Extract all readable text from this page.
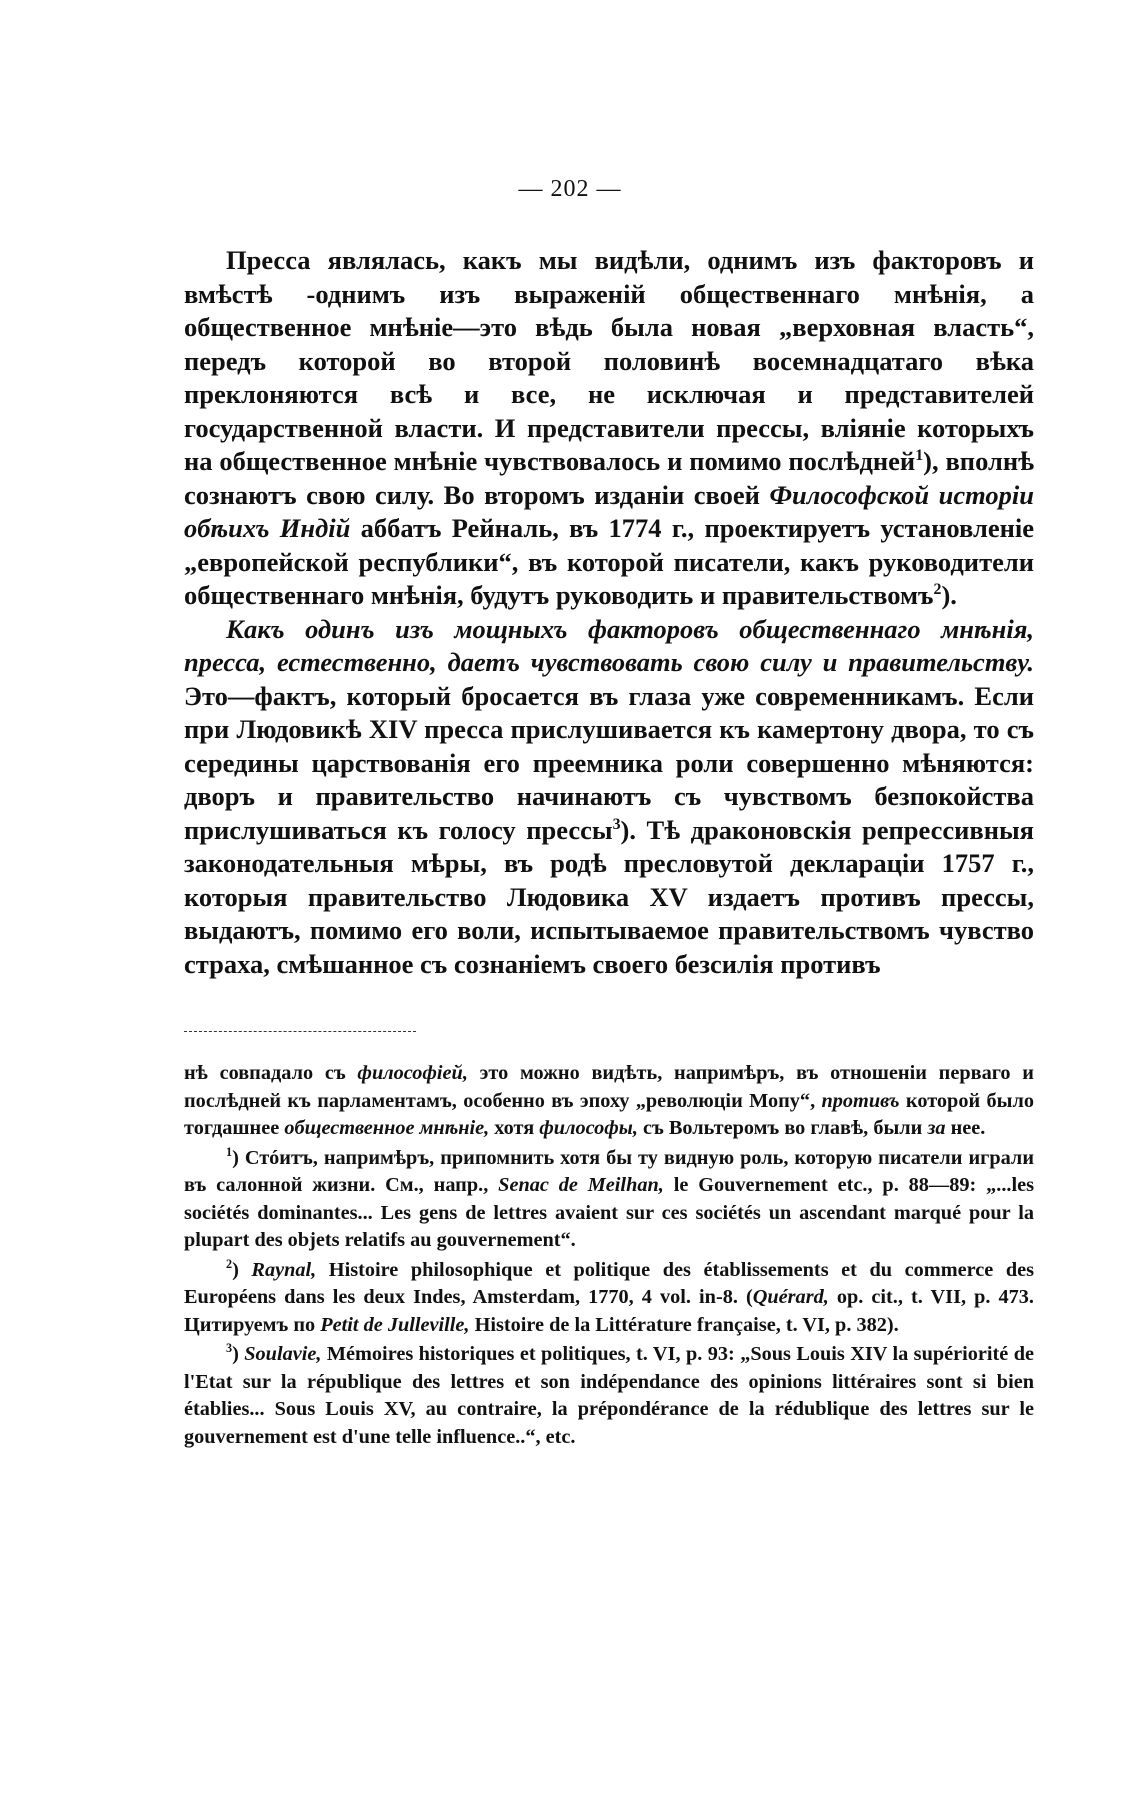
— 202 —

Пресса являлась, какъ мы видѣли, однимъ изъ факторовъ и вмѣстѣ -однимъ изъ выраженій общественнаго мнѣнія, а общественное мнѣніе—это вѣдь была новая „верховная власть“, передъ которой во второй половинѣ восемнадцатаго вѣка преклоняются всѣ и все, не исключая и представителей государственной власти. И представители прессы, вліяніе которыхъ на общественное мнѣніе чувствовалось и помимо послѣдней$^1$), вполнѣ сознаютъ свою силу. Во второмъ изданіи своей Философской исторіи обѣихъ Индій аббатъ Рейналь, въ 1774 г., проектируетъ установленіе „европейской республики“, въ которой писатели, какъ руководители общественнаго мнѣнія, будутъ руководить и правительствомъ$^2$).

Какъ одинъ изъ мощныхъ факторовъ общественнаго мнѣнія, пресса, естественно, даетъ чувствовать свою силу и правительству. Это—фактъ, который бросается въ глаза уже современникамъ. Если при Людовикѣ XIV пресса прислушивается къ камертону двора, то съ середины царствованія его преемника роли совершенно мѣняются: дворъ и правительство начинаютъ съ чувствомъ безпокойства прислушиваться къ голосу прессы$^3$). Тѣ драконовскія репрессивныя законодательныя мѣры, въ родѣ пресловутой декларацiи 1757 г., которыя правительство Людовика XV издаетъ противъ прессы, выдаютъ, помимо его воли, испытываемое правительствомъ чувство страха, смѣшанное съ сознаніемъ своего безсилія противъ

нѣ совпадало съ философіей, это можно видѣть, напримѣръ, въ отношеніи перваго и послѣдней къ парламентамъ, особенно въ эпоху „революціи Мопу“, противъ которой было тогдашнее общественное мнѣніе, хотя философы, съ Вольтеромъ во главѣ, были за нее.

$^1$) Стóитъ, напримѣръ, припомнить хотя бы ту видную роль, которую писатели играли въ салонной жизни. См., напр., Senac de Meilhan, le Gouvernement etc., p. 88—89: „...les sociétés dominantes... Les gens de lettres avaient sur ces sociétés un ascendant marqué pour la plupart des objets relatifs au gouvernement“.

$^2$) Raynal, Histoire philosophique et politique des établissements et du commerce des Européens dans les deux Indes, Amsterdam, 1770, 4 vol. in-8. (Quérard, op. cit., t. VII, p. 473. Цитируемъ по Petit de Julleville, Histoire de la Littérature française, t. VI, p. 382).

$^3$) Soulavie, Mémoires historiques et politiques, t. VI, p. 93: „Sous Louis XIV la supériorité de l'Etat sur la république des lettres et son indépendance des opinions littéraires sont si bien établies... Sous Louis XV, au contraire, la prépondérance de la rédublique des lettres sur le gouvernement est d'une telle influence..“, etc.
